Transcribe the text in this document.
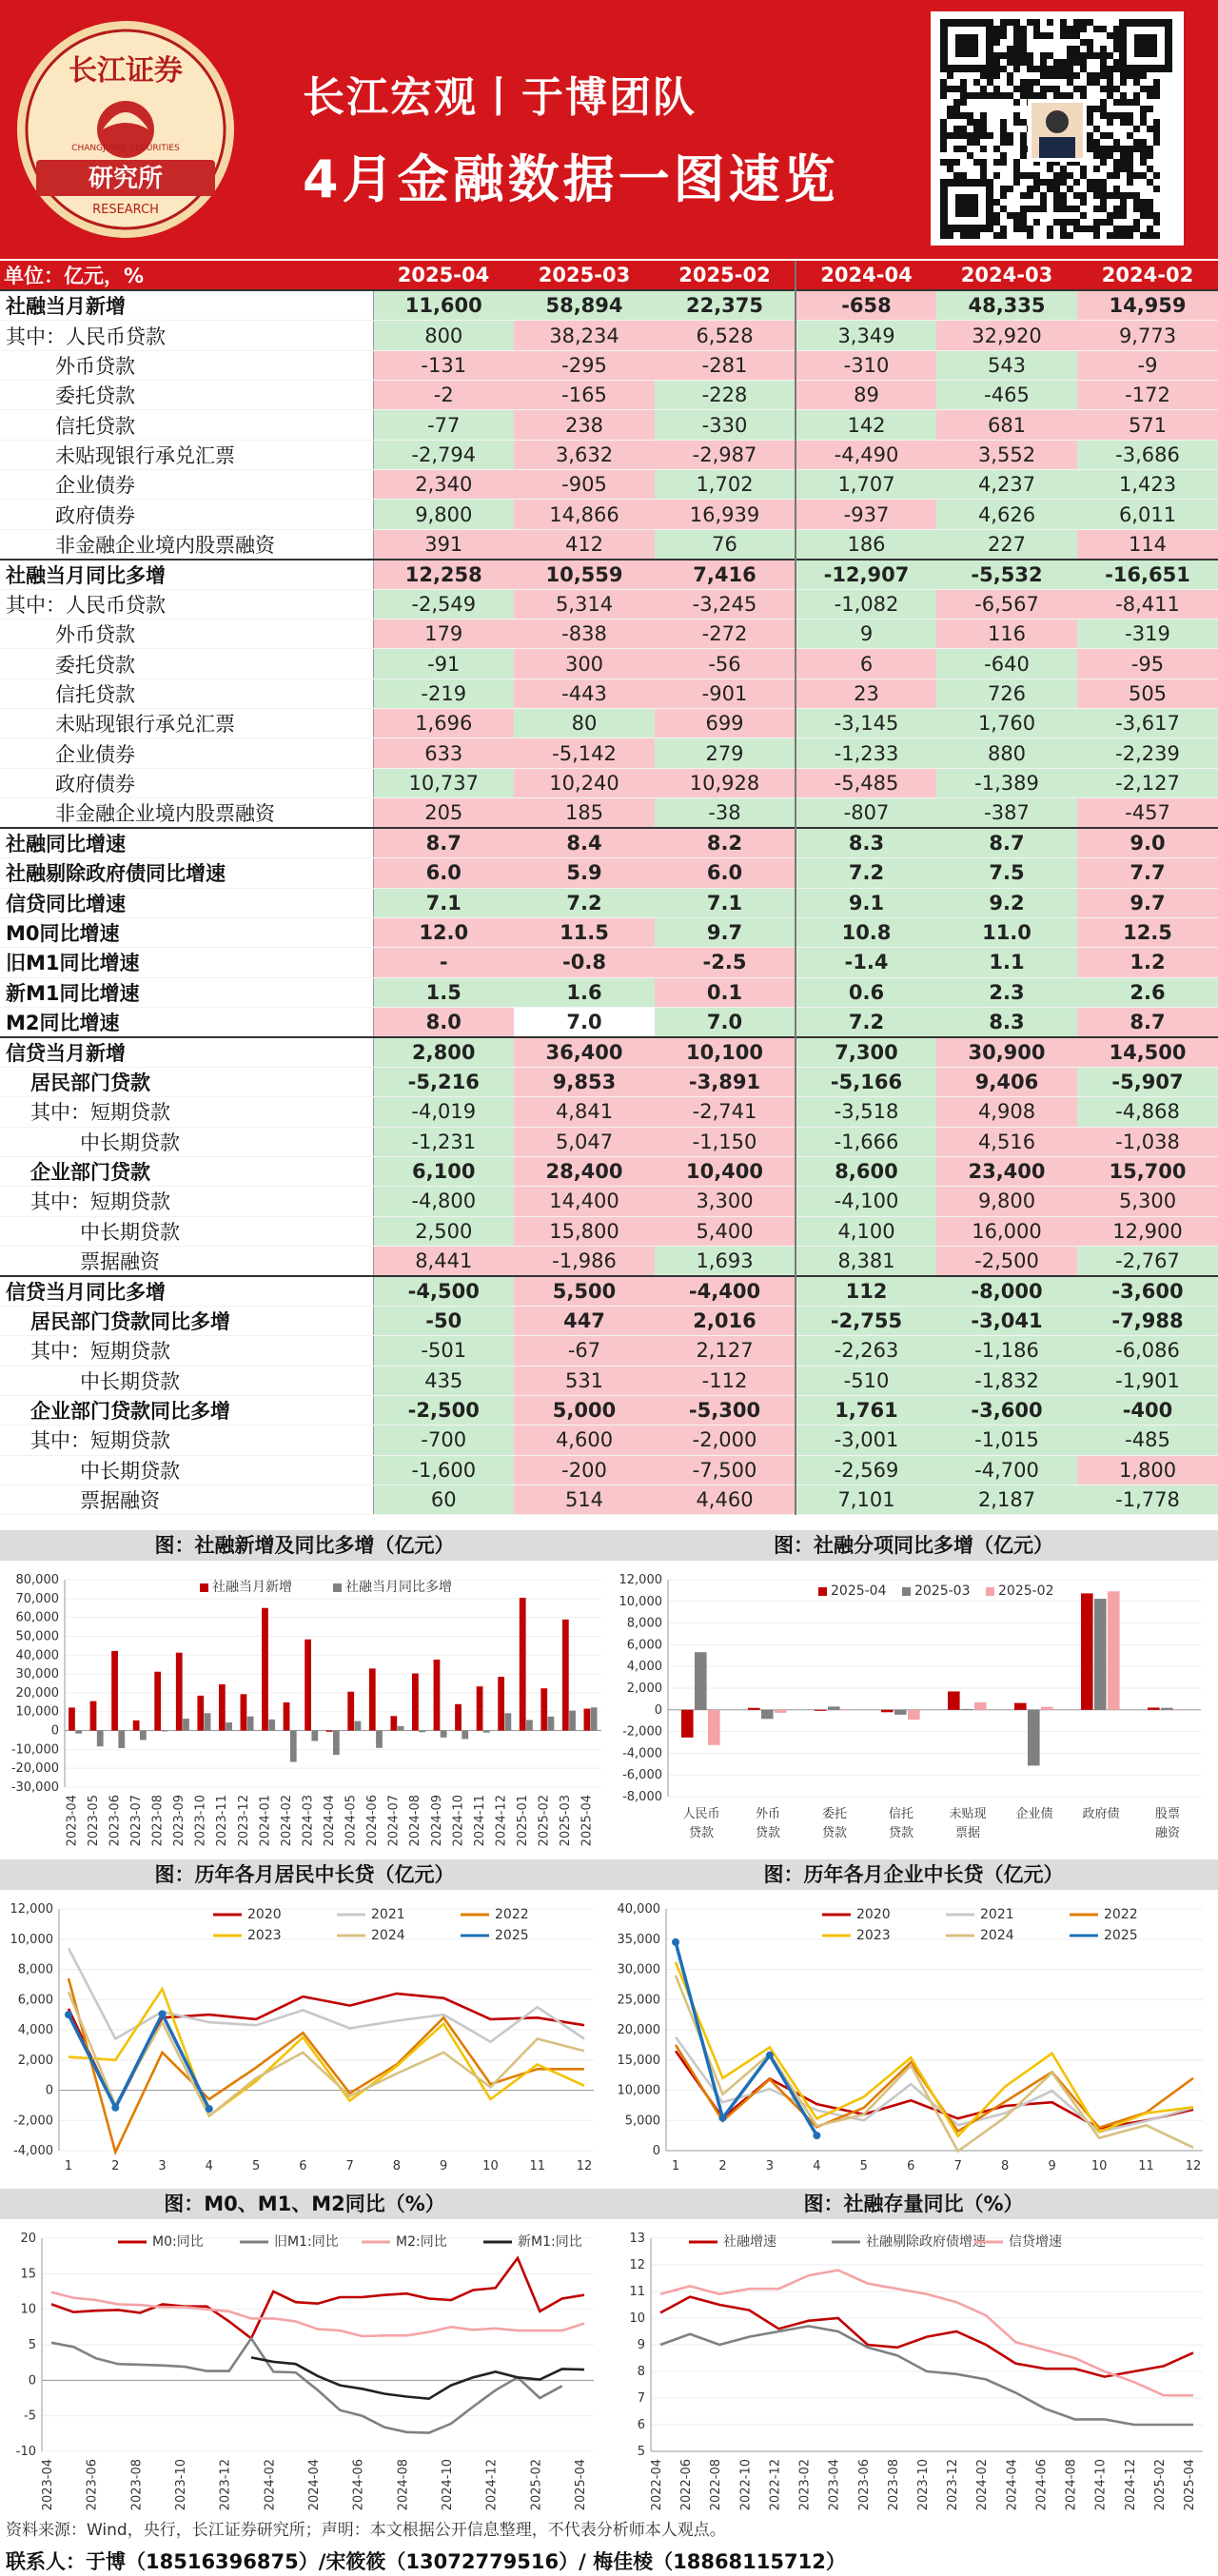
长江证券
研究所
RESEARCH
CHANGJIANG SECURITIES
长江宏观丨于博团队
4月金融数据一图速览
单位：亿元，%	2025-04	2025-03	2025-02	2024-04	2024-03	2024-02
社融当月新增	11,600	58,894	22,375	-658	48,335	14,959
其中：人民币贷款	800	38,234	6,528	3,349	32,920	9,773
外币贷款	-131	-295	-281	-310	543	-9
委托贷款	-2	-165	-228	89	-465	-172
信托贷款	-77	238	-330	142	681	571
未贴现银行承兑汇票	-2,794	3,632	-2,987	-4,490	3,552	-3,686
企业债券	2,340	-905	1,702	1,707	4,237	1,423
政府债券	9,800	14,866	16,939	-937	4,626	6,011
非金融企业境内股票融资	391	412	76	186	227	114
社融当月同比多增	12,258	10,559	7,416	-12,907	-5,532	-16,651
其中：人民币贷款	-2,549	5,314	-3,245	-1,082	-6,567	-8,411
外币贷款	179	-838	-272	9	116	-319
委托贷款	-91	300	-56	6	-640	-95
信托贷款	-219	-443	-901	23	726	505
未贴现银行承兑汇票	1,696	80	699	-3,145	1,760	-3,617
企业债券	633	-5,142	279	-1,233	880	-2,239
政府债券	10,737	10,240	10,928	-5,485	-1,389	-2,127
非金融企业境内股票融资	205	185	-38	-807	-387	-457
社融同比增速	8.7	8.4	8.2	8.3	8.7	9.0
社融剔除政府债同比增速	6.0	5.9	6.0	7.2	7.5	7.7
信贷同比增速	7.1	7.2	7.1	9.1	9.2	9.7
M0同比增速	12.0	11.5	9.7	10.8	11.0	12.5
旧M1同比增速	-	-0.8	-2.5	-1.4	1.1	1.2
新M1同比增速	1.5	1.6	0.1	0.6	2.3	2.6
M2同比增速	8.0	7.0	7.0	7.2	8.3	8.7
信贷当月新增	2,800	36,400	10,100	7,300	30,900	14,500
居民部门贷款	-5,216	9,853	-3,891	-5,166	9,406	-5,907
其中：短期贷款	-4,019	4,841	-2,741	-3,518	4,908	-4,868
中长期贷款	-1,231	5,047	-1,150	-1,666	4,516	-1,038
企业部门贷款	6,100	28,400	10,400	8,600	23,400	15,700
其中：短期贷款	-4,800	14,400	3,300	-4,100	9,800	5,300
中长期贷款	2,500	15,800	5,400	4,100	16,000	12,900
票据融资	8,441	-1,986	1,693	8,381	-2,500	-2,767
信贷当月同比多增	-4,500	5,500	-4,400	112	-8,000	-3,600
居民部门贷款同比多增	-50	447	2,016	-2,755	-3,041	-7,988
其中：短期贷款	-501	-67	2,127	-2,263	-1,186	-6,086
中长期贷款	435	531	-112	-510	-1,832	-1,901
企业部门贷款同比多增	-2,500	5,000	-5,300	1,761	-3,600	-400
其中：短期贷款	-700	4,600	-2,000	-3,001	-1,015	-485
中长期贷款	-1,600	-200	-7,500	-2,569	-4,700	1,800
票据融资	60	514	4,460	7,101	2,187	-1,778
图：社融新增及同比多增（亿元）	图：社融分项同比多增（亿元）
图：历年各月居民中长贷（亿元）	图：历年各月企业中长贷（亿元）
图：M0、M1、M2同比（%）	图：社融存量同比（%）
80,000
70,000
60,000
50,000
40,000
30,000
20,000
10,000
0
-10,000
-20,000
-30,000
2023-04 2023-05 2023-06 2023-07 2023-08 2023-09 2023-10 2023-11 2023-12 2024-01 2024-02 2024-03 2024-04 2024-05 2024-06 2024-07 2024-08 2024-09 2024-10 2024-11 2024-12 2025-01 2025-02 2025-03 2025-04
社融当月新增	社融当月同比多增	12,000
10,000
8,000
6,000
4,000
2,000
0
-2,000
-4,000
-6,000
-8,000
人民币
贷款
外币
贷款
委托
贷款
信托
贷款
未贴现
票据
企业债 政府债	股票
融资
2025-04 2025-03 2025-02
12,000
10,000
8,000
6,000
4,000
2,000
0
-2,000
-4,000
1	2	3	4	5	6	7	8	9	10	11	12
2020	2021	2022
2023	2024	2025
40,000
35,000
30,000
25,000
20,000
15,000
10,000
5,000
0
1	2	3	4	5	6	7	8	9	10	11	12
2020	2021	2022
2023	2024	2025
20
15
10
5
0
-5
-10
2023-04 2023-06 2023-08 2023-10 2023-12 2024-02 2024-04 2024-06 2024-08 2024-10 2024-12 2025-02 2025-04
M0:同比	旧M1:同比	M2:同比	新M1:同比	13
12
11
10
9
8
7
6
5
2022-04 2022-06 2022-08 2022-10 2022-12 2023-02 2023-04 2023-06 2023-08 2023-10 2023-12 2024-02 2024-04 2024-06 2024-08 2024-10 2024-12 2025-02 2025-04
社融增速	社融剔除政府债增速 信贷增速
资料来源：Wind，央行，长江证券研究所；声明：本文根据公开信息整理，不代表分析师本人观点。
联系人：于博（18516396875）/宋筱筱（13072779516）/ 梅佳棱（18868115712）
